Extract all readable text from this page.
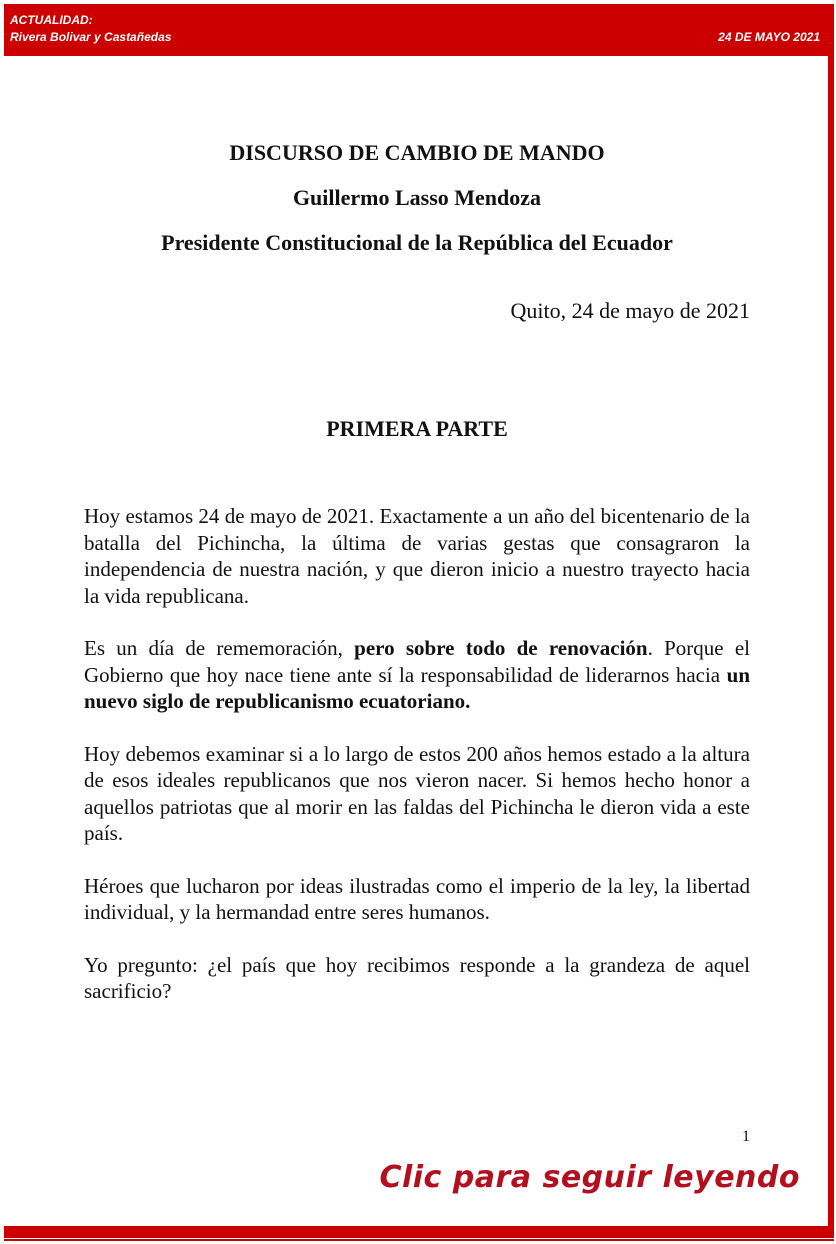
ACTUALIDAD:
Rivera Bolivar y Castañedas	24 DE MAYO 2021
DISCURSO DE CAMBIO DE MANDO
Guillermo Lasso Mendoza
Presidente Constitucional de la República del Ecuador
Quito, 24 de mayo de 2021
PRIMERA PARTE

Hoy estamos 24 de mayo de 2021. Exactamente a un año del bicentenario de la batalla del Pichincha, la última de varias gestas que consagraron la independencia de nuestra nación, y que dieron inicio a nuestro trayecto hacia la vida republicana.

Es un día de rememoración, pero sobre todo de renovación. Porque el Gobierno que hoy nace tiene ante sí la responsabilidad de liderarnos hacia un nuevo siglo de republicanismo ecuatoriano.

Hoy debemos examinar si a lo largo de estos 200 años hemos estado a la altura de esos ideales republicanos que nos vieron nacer. Si hemos hecho honor a aquellos patriotas que al morir en las faldas del Pichincha le dieron vida a este país.

Héroes que lucharon por ideas ilustradas como el imperio de la ley, la libertad individual, y la hermandad entre seres humanos.

Yo pregunto: ¿el país que hoy recibimos responde a la grandeza de aquel sacrificio?

1
Clic para seguir leyendo
